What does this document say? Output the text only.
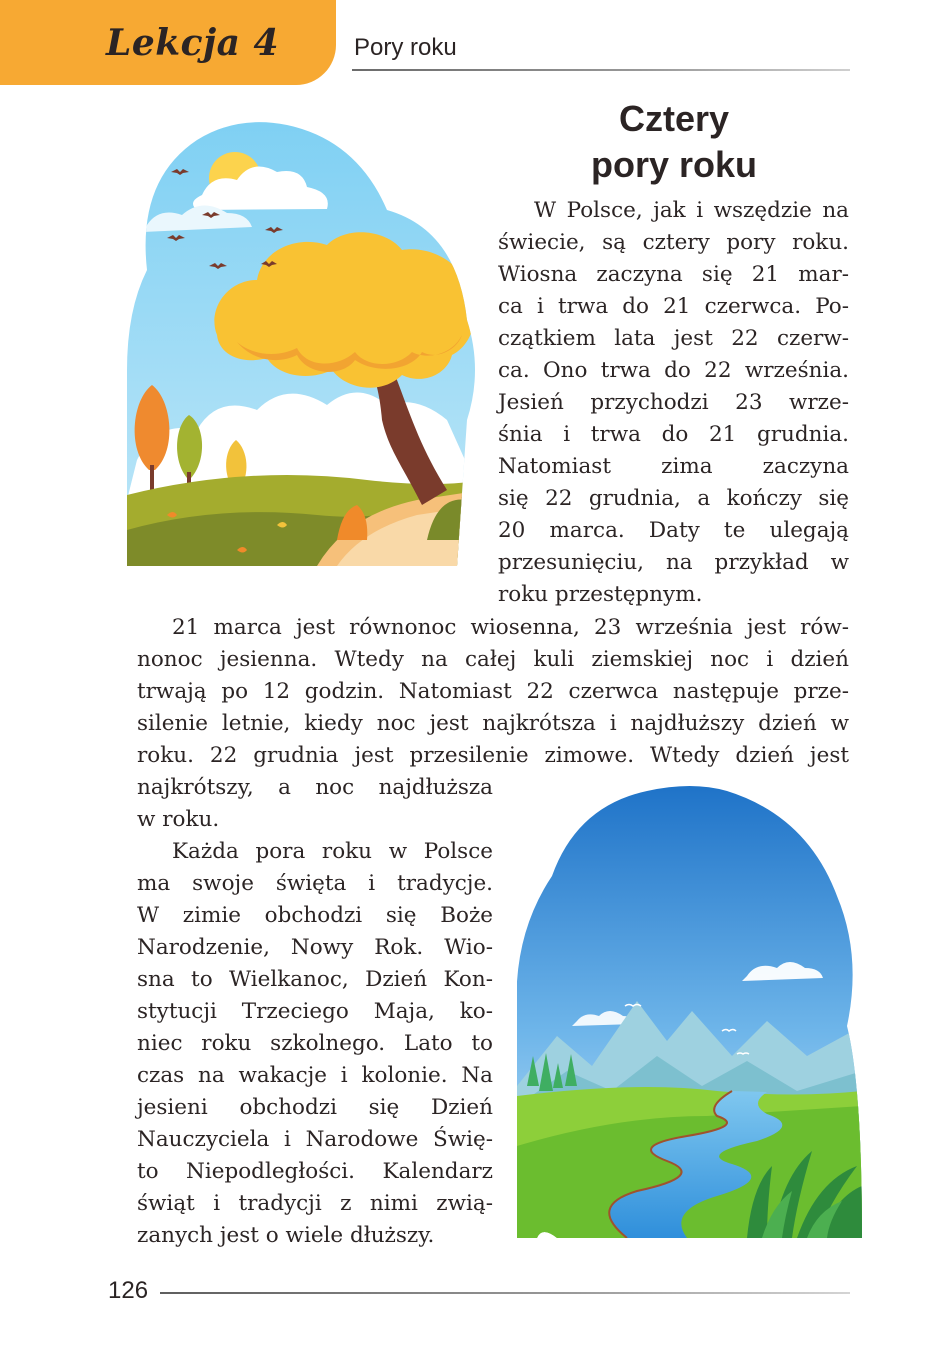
Lekcja 4	Pory roku
Cztery
pory roku
W Polsce, jak i wszędzie na
świecie, są cztery pory roku.
Wiosna zaczyna się 21 mar-
ca i trwa do 21 czerwca. Po-
czątkiem lata jest 22 czerw-
ca. Ono trwa do 22 września.
Jesień przychodzi 23 wrze-
śnia i trwa do 21 grudnia.
Natomiast zima zaczyna
się 22 grudnia, a kończy się
20 marca. Daty te ulegają
przesunięciu, na przykład w
roku przestępnym.
21 marca jest równonoc wiosenna, 23 września jest rów-
nonoc jesienna. Wtedy na całej kuli ziemskiej noc i dzień
trwają po 12 godzin. Natomiast 22 czerwca następuje prze-
silenie letnie, kiedy noc jest najkrótsza i najdłuższy dzień w
roku. 22 grudnia jest przesilenie zimowe. Wtedy dzień jest
najkrótszy, a noc najdłuższa
w roku.
Każda pora roku w Polsce
ma swoje święta i tradycje.
W zimie obchodzi się Boże
Narodzenie, Nowy Rok. Wio-
sna to Wielkanoc, Dzień Kon-
stytucji Trzeciego Maja, ko-
niec roku szkolnego. Lato to
czas na wakacje i kolonie. Na
jesieni obchodzi się Dzień
Nauczyciela i Narodowe Świę-
to Niepodległości. Kalendarz
świąt i tradycji z nimi zwią-
zanych jest o wiele dłuższy.
126
